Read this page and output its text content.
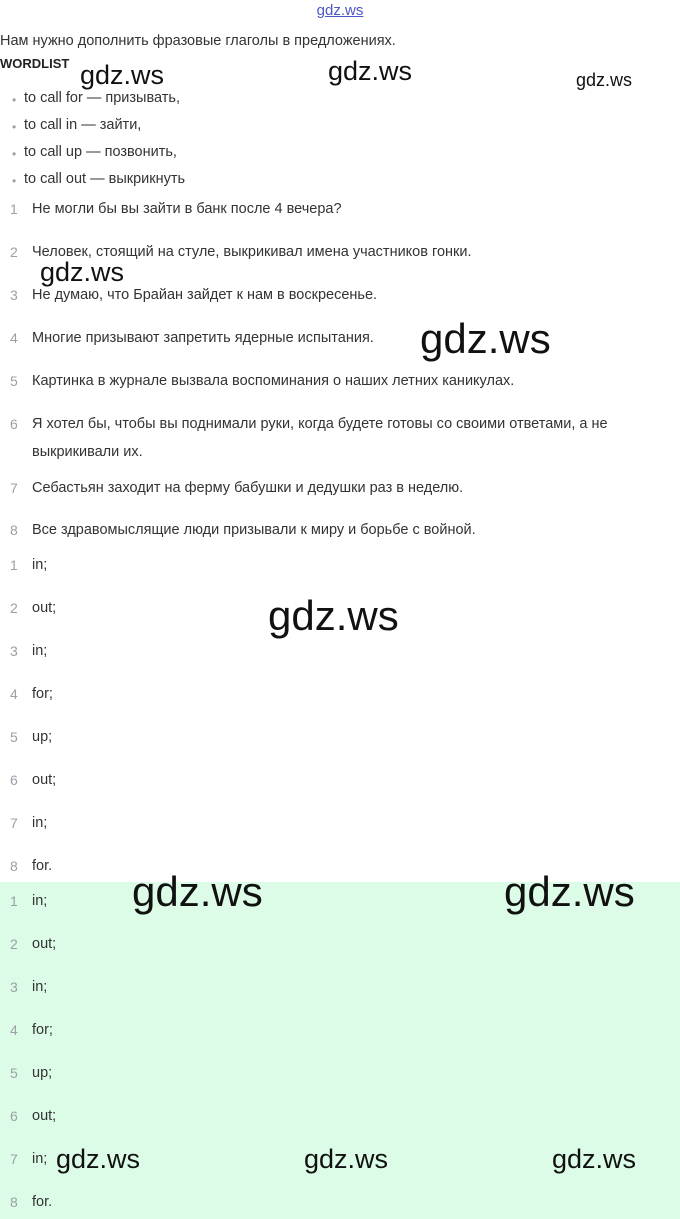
gdz.ws
Нам нужно дополнить фразовые глаголы в предложениях.
WORDLIST
• to call for — призывать,
• to call in — зайти,
• to call up — позвонить,
• to call out — выкрикнуть
1 Не могли бы вы зайти в банк после 4 вечера?
2 Человек, стоящий на стуле, выкрикивал имена участников гонки.
3 Не думаю, что Брайан зайдет к нам в воскресенье.
4 Многие призывают запретить ядерные испытания.
5 Картинка в журнале вызвала воспоминания о наших летних каникулах.
6 Я хотел бы, чтобы вы поднимали руки, когда будете готовы со своими ответами, а не выкрикивали их.
7 Себастьян заходит на ферму бабушки и дедушки раз в неделю.
8 Все здравомыслящие люди призывали к миру и борьбе с войной.
1 in;
2 out;
3 in;
4 for;
5 up;
6 out;
7 in;
8 for.
1 in;
2 out;
3 in;
4 for;
5 up;
6 out;
7 in;
8 for.
gdz.ws	gdz.ws	gdz.ws
gdz.ws
gdz.ws
gdz.ws
gdz.ws	gdz.ws
gdz.ws	gdz.ws	gdz.ws
